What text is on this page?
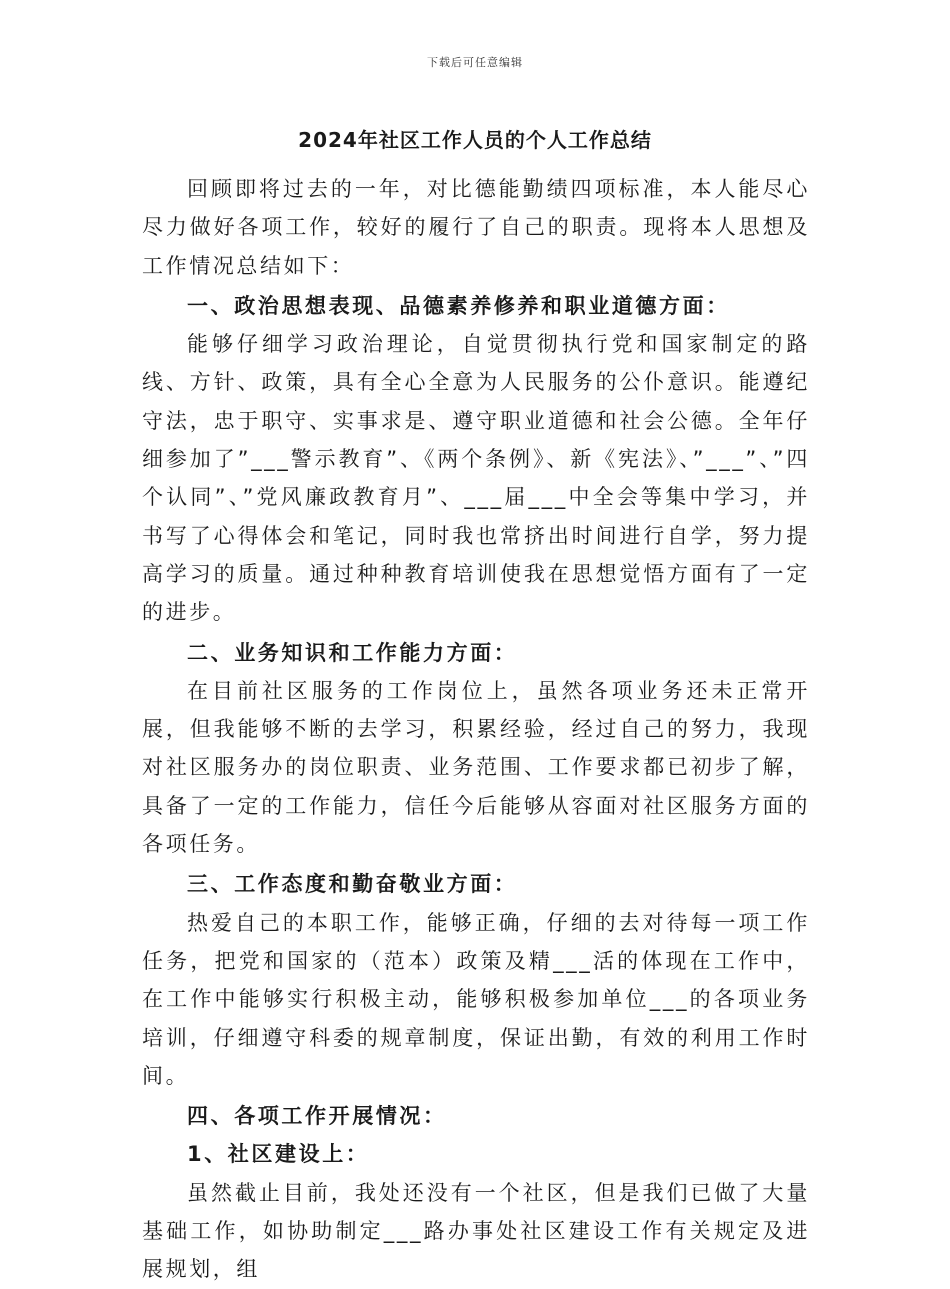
下载后可任意编辑
2024年社区工作人员的个人工作总结

回顾即将过去的一年，对比德能勤绩四项标准，本人能尽心尽力做好各项工作，较好的履行了自己的职责。现将本人思想及工作情况总结如下：

一、政治思想表现、品德素养修养和职业道德方面：

能够仔细学习政治理论，自觉贯彻执行党和国家制定的路线、方针、政策，具有全心全意为人民服务的公仆意识。能遵纪守法，忠于职守、实事求是、遵守职业道德和社会公德。全年仔细参加了”___警示教育”、《两个条例》、新《宪法》、”___”、”四个认同”、”党风廉政教育月”、___届___中全会等集中学习，并书写了心得体会和笔记，同时我也常挤出时间进行自学，努力提高学习的质量。通过种种教育培训使我在思想觉悟方面有了一定的进步。

二、业务知识和工作能力方面：

在目前社区服务的工作岗位上，虽然各项业务还未正常开展，但我能够不断的去学习，积累经验，经过自己的努力，我现对社区服务办的岗位职责、业务范围、工作要求都已初步了解，具备了一定的工作能力，信任今后能够从容面对社区服务方面的各项任务。

三、工作态度和勤奋敬业方面：

热爱自己的本职工作，能够正确，仔细的去对待每一项工作任务，把党和国家的（范本）政策及精___活的体现在工作中，在工作中能够实行积极主动，能够积极参加单位___的各项业务培训，仔细遵守科委的规章制度，保证出勤，有效的利用工作时间。

四、各项工作开展情况：

1、社区建设上：

虽然截止目前，我处还没有一个社区，但是我们已做了大量基础工作，如协助制定___路办事处社区建设工作有关规定及进展规划，组
